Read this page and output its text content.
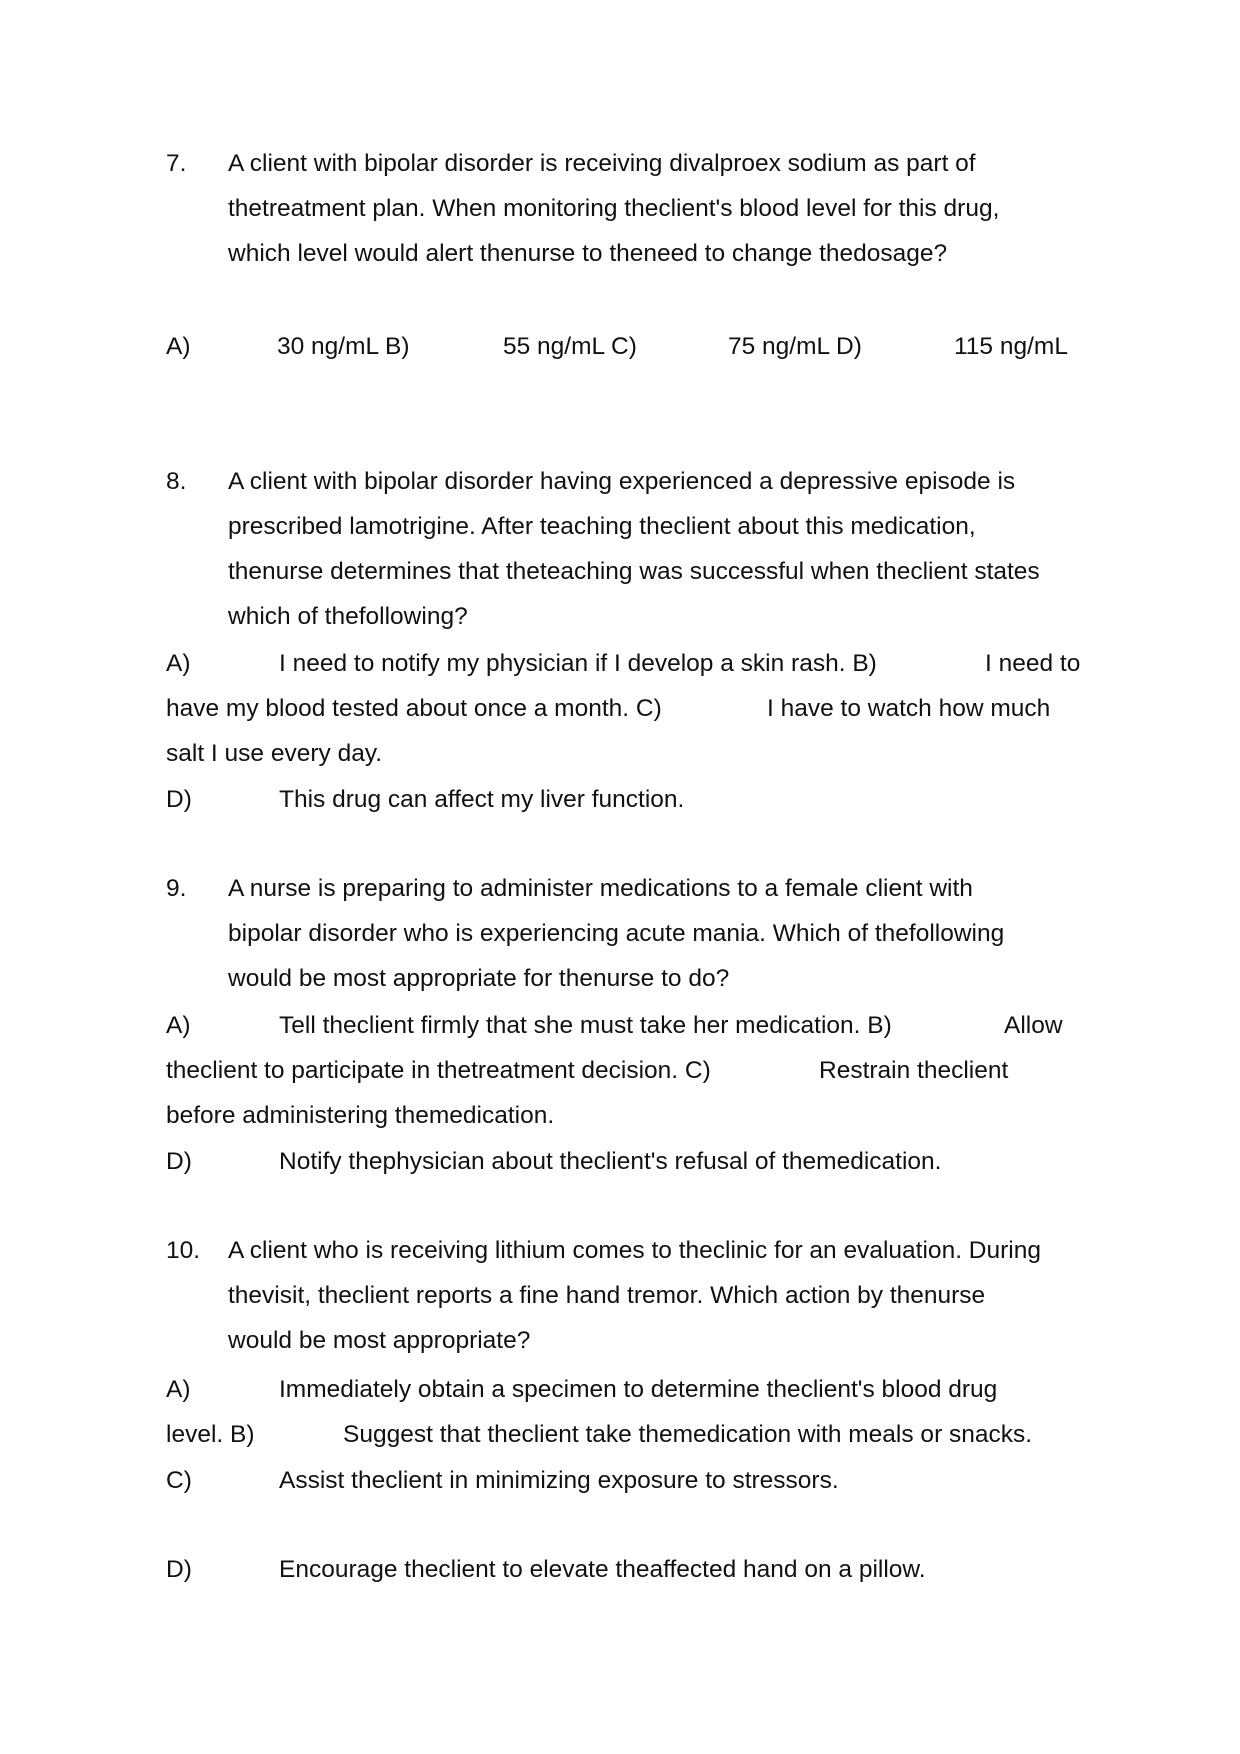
7. A client with bipolar disorder is receiving divalproex sodium as part of
thetreatment plan. When monitoring theclient's blood level for this drug,
which level would alert thenurse to theneed to change thedosage?
A)	30 ng/mL B)	55 ng/mL C)	75 ng/mL D)	115 ng/mL
8. A client with bipolar disorder having experienced a depressive episode is
prescribed lamotrigine. After teaching theclient about this medication,
thenurse determines that theteaching was successful when theclient states
which of thefollowing?
A)	I need to notify my physician if I develop a skin rash. B)	I need to
have my blood tested about once a month. C)	I have to watch how much
salt I use every day.
D)	This drug can affect my liver function.
9. A nurse is preparing to administer medications to a female client with
bipolar disorder who is experiencing acute mania. Which of thefollowing
would be most appropriate for thenurse to do?
A)	Tell theclient firmly that she must take her medication. B)	Allow
theclient to participate in thetreatment decision. C)	Restrain theclient
before administering themedication.
D)	Notify thephysician about theclient's refusal of themedication.
10. A client who is receiving lithium comes to theclinic for an evaluation. During
thevisit, theclient reports a fine hand tremor. Which action by thenurse
would be most appropriate?
A)	Immediately obtain a specimen to determine theclient's blood drug
level. B)	Suggest that theclient take themedication with meals or snacks.
C)	Assist theclient in minimizing exposure to stressors.
D)	Encourage theclient to elevate theaffected hand on a pillow.
